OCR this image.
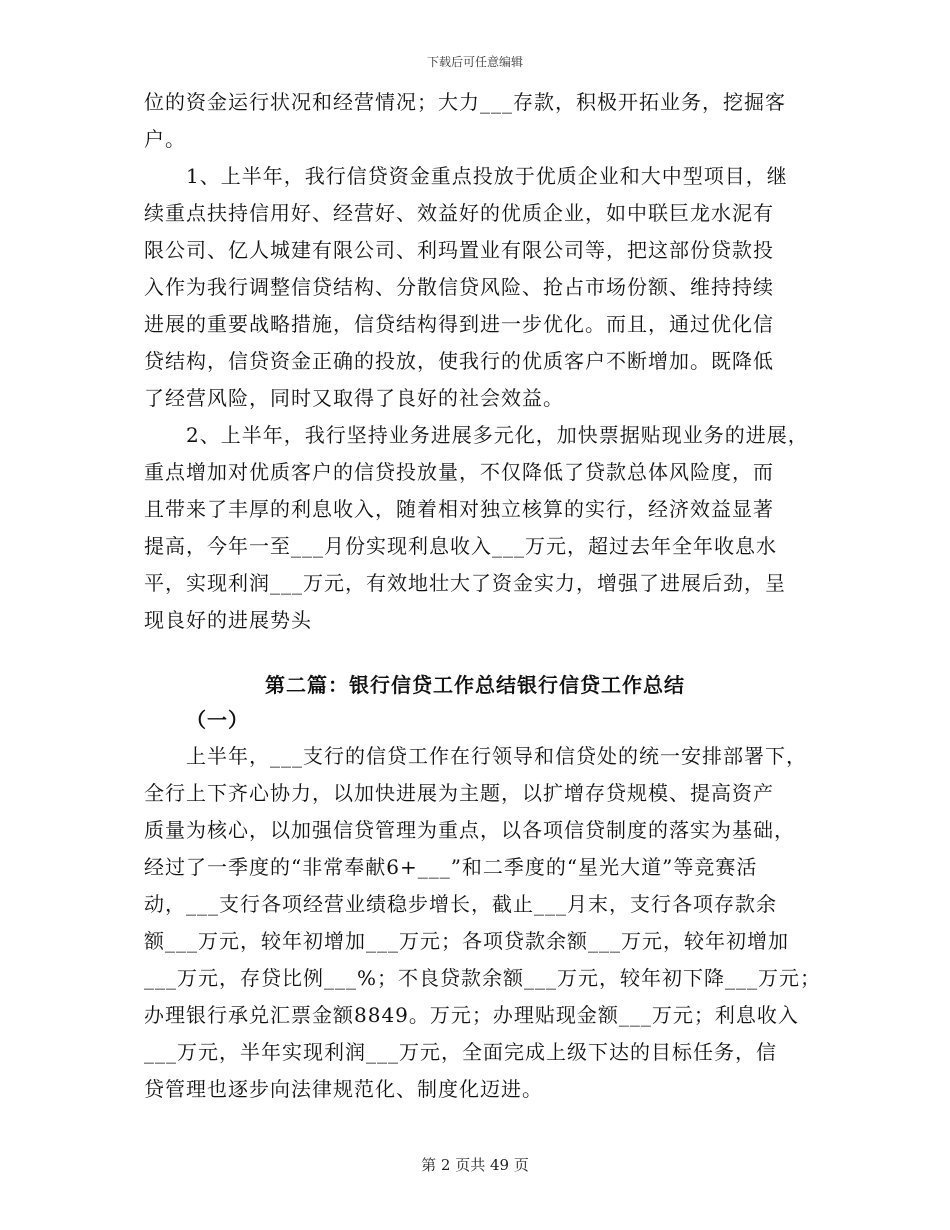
下载后可任意编辑
位的资金运行状况和经营情况；大力___存款，积极开拓业务，挖掘客
户。
　　1、上半年，我行信贷资金重点投放于优质企业和大中型项目，继
续重点扶持信用好、经营好、效益好的优质企业，如中联巨龙水泥有
限公司、亿人城建有限公司、利玛置业有限公司等，把这部份贷款投
入作为我行调整信贷结构、分散信贷风险、抢占市场份额、维持持续
进展的重要战略措施，信贷结构得到进一步优化。而且，通过优化信
贷结构，信贷资金正确的投放，使我行的优质客户不断增加。既降低
了经营风险，同时又取得了良好的社会效益。
　　2、上半年，我行坚持业务进展多元化，加快票据贴现业务的进展，
重点增加对优质客户的信贷投放量，不仅降低了贷款总体风险度，而
且带来了丰厚的利息收入，随着相对独立核算的实行，经济效益显著
提高，今年一至___月份实现利息收入___万元，超过去年全年收息水
平，实现利润___万元，有效地壮大了资金实力，增强了进展后劲，呈
现良好的进展势头
第二篇：银行信贷工作总结银行信贷工作总结
（一）
　　上半年，___支行的信贷工作在行领导和信贷处的统一安排部署下，
全行上下齐心协力，以加快进展为主题，以扩增存贷规模、提高资产
质量为核心，以加强信贷管理为重点，以各项信贷制度的落实为基础，
经过了一季度的“非常奉献6+___”和二季度的“星光大道”等竞赛活
动，___支行各项经营业绩稳步增长，截止___月末，支行各项存款余
额___万元，较年初增加___万元；各项贷款余额___万元，较年初增加
___万元，存贷比例___%；不良贷款余额___万元，较年初下降___万元；
办理银行承兑汇票金额8849。万元；办理贴现金额___万元；利息收入
___万元，半年实现利润___万元，全面完成上级下达的目标任务，信
贷管理也逐步向法律规范化、制度化迈进。
第 2 页共 49 页
